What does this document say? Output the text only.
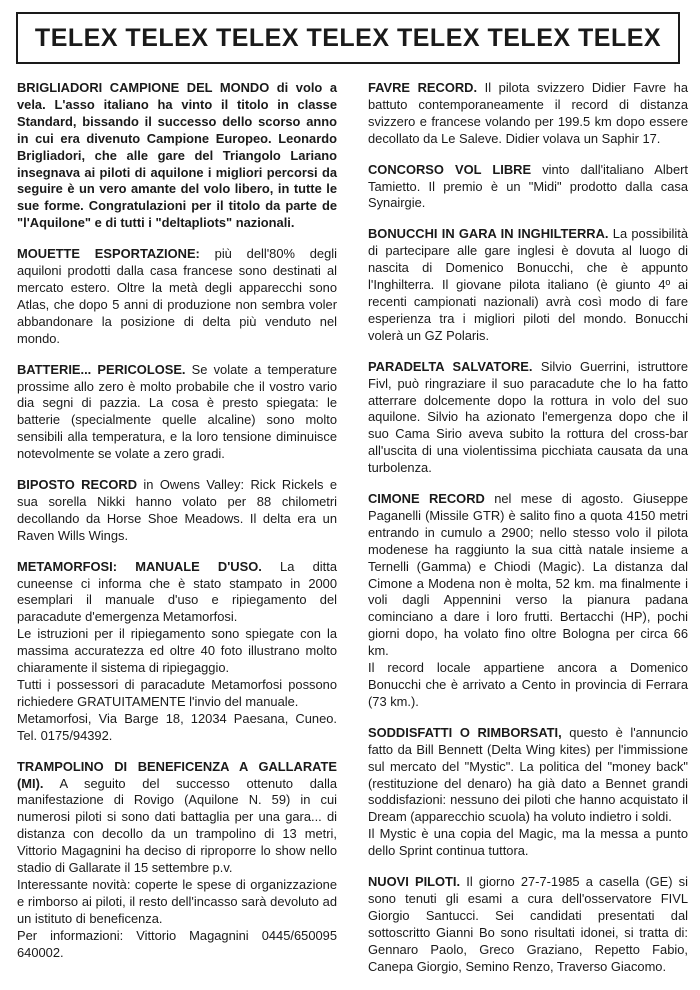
TELEX TELEX TELEX TELEX TELEX TELEX TELEX

BRIGLIADORI CAMPIONE DEL MONDO di volo a vela. L'asso italiano ha vinto il titolo in classe Standard, bissando il successo dello scorso anno in cui era divenuto Campione Europeo. Leonardo Brigliadori, che alle gare del Triangolo Lariano insegnava ai piloti di aquilone i migliori percorsi da seguire è un vero amante del volo libero, in tutte le sue forme. Congratulazioni per il titolo da parte de "l'Aquilone" e di tutti i "deltapliots" nazionali.

MOUETTE ESPORTAZIONE: più dell'80% degli aquiloni prodotti dalla casa francese sono destinati al mercato estero. Oltre la metà degli apparecchi sono Atlas, che dopo 5 anni di produzione non sembra voler abbandonare la posizione di delta più venduto nel mondo.

BATTERIE... PERICOLOSE. Se volate a temperature prossime allo zero è molto probabile che il vostro vario dia segni di pazzia. La cosa è presto spiegata: le batterie (specialmente quelle alcaline) sono molto sensibili alla temperatura, e la loro tensione diminuisce notevolmente se volate a zero gradi.

BIPOSTO RECORD in Owens Valley: Rick Rickels e sua sorella Nikki hanno volato per 88 chilometri decollando da Horse Shoe Meadows. Il delta era un Raven Wills Wings.

METAMORFOSI: MANUALE D'USO. La ditta cuneense ci informa che è stato stampato in 2000 esemplari il manuale d'uso e ripiegamento del paracadute d'emergenza Metamorfosi.

Le istruzioni per il ripiegamento sono spiegate con la massima accuratezza ed oltre 40 foto illustrano molto chiaramente il sistema di ripiegaggio.

Tutti i possessori di paracadute Metamorfosi possono richiedere GRATUITAMENTE l'invio del manuale.

Metamorfosi, Via Barge 18, 12034 Paesana, Cuneo. Tel. 0175/94392.

TRAMPOLINO DI BENEFICENZA A GALLARATE (MI). A seguito del successo ottenuto dalla manifestazione di Rovigo (Aquilone N. 59) in cui numerosi piloti si sono dati battaglia per una gara... di distanza con decollo da un trampolino di 13 metri, Vittorio Magagnini ha deciso di riproporre lo show nello stadio di Gallarate il 15 settembre p.v.

Interessante novità: coperte le spese di organizzazione e rimborso ai piloti, il resto dell'incasso sarà devoluto ad un istituto di beneficenza.

Per informazioni: Vittorio Magagnini 0445/650095 640002.

FAVRE RECORD. Il pilota svizzero Didier Favre ha battuto contemporaneamente il record di distanza svizzero e francese volando per 199.5 km dopo essere decollato da Le Saleve. Didier volava un Saphir 17.

CONCORSO VOL LIBRE vinto dall'italiano Albert Tamietto. Il premio è un "Midi" prodotto dalla casa Synairgie.

BONUCCHI IN GARA IN INGHILTERRA. La possibilità di partecipare alle gare inglesi è dovuta al luogo di nascita di Domenico Bonucchi, che è appunto l'Inghilterra. Il giovane pilota italiano (è giunto 4º ai recenti campionati nazionali) avrà così modo di fare esperienza tra i migliori piloti del mondo. Bonucchi volerà un GZ Polaris.

PARADELTA SALVATORE. Silvio Guerrini, istruttore Fivl, può ringraziare il suo paracadute che lo ha fatto atterrare dolcemente dopo la rottura in volo del suo aquilone. Silvio ha azionato l'emergenza dopo che il suo Cama Sirio aveva subito la rottura del cross-bar all'uscita di una violentissima picchiata causata da una turbolenza.

CIMONE RECORD nel mese di agosto. Giuseppe Paganelli (Missile GTR) è salito fino a quota 4150 metri entrando in cumulo a 2900; nello stesso volo il pilota modenese ha raggiunto la sua città natale insieme a Ternelli (Gamma) e Chiodi (Magic). La distanza dal Cimone a Modena non è molta, 52 km. ma finalmente i voli dagli Appennini verso la pianura padana cominciano a dare i loro frutti. Bertacchi (HP), pochi giorni dopo, ha volato fino oltre Bologna per circa 66 km.

Il record locale appartiene ancora a Domenico Bonucchi che è arrivato a Cento in provincia di Ferrara (73 km.).

SODDISFATTI O RIMBORSATI, questo è l'annuncio fatto da Bill Bennett (Delta Wing kites) per l'immissione sul mercato del "Mystic". La politica del "money back" (restituzione del denaro) ha già dato a Bennet grandi soddisfazioni: nessuno dei piloti che hanno acquistato il Dream (apparecchio scuola) ha voluto indietro i soldi.

Il Mystic è una copia del Magic, ma la messa a punto dello Sprint continua tuttora.

NUOVI PILOTI. Il giorno 27-7-1985 a casella (GE) si sono tenuti gli esami a cura dell'osservatore FIVL Giorgio Santucci. Sei candidati presentati dal sottoscritto Gianni Bo sono risultati idonei, si tratta di: Gennaro Paolo, Greco Graziano, Repetto Fabio, Canepa Giorgio, Semino Renzo, Traverso Giacomo.
